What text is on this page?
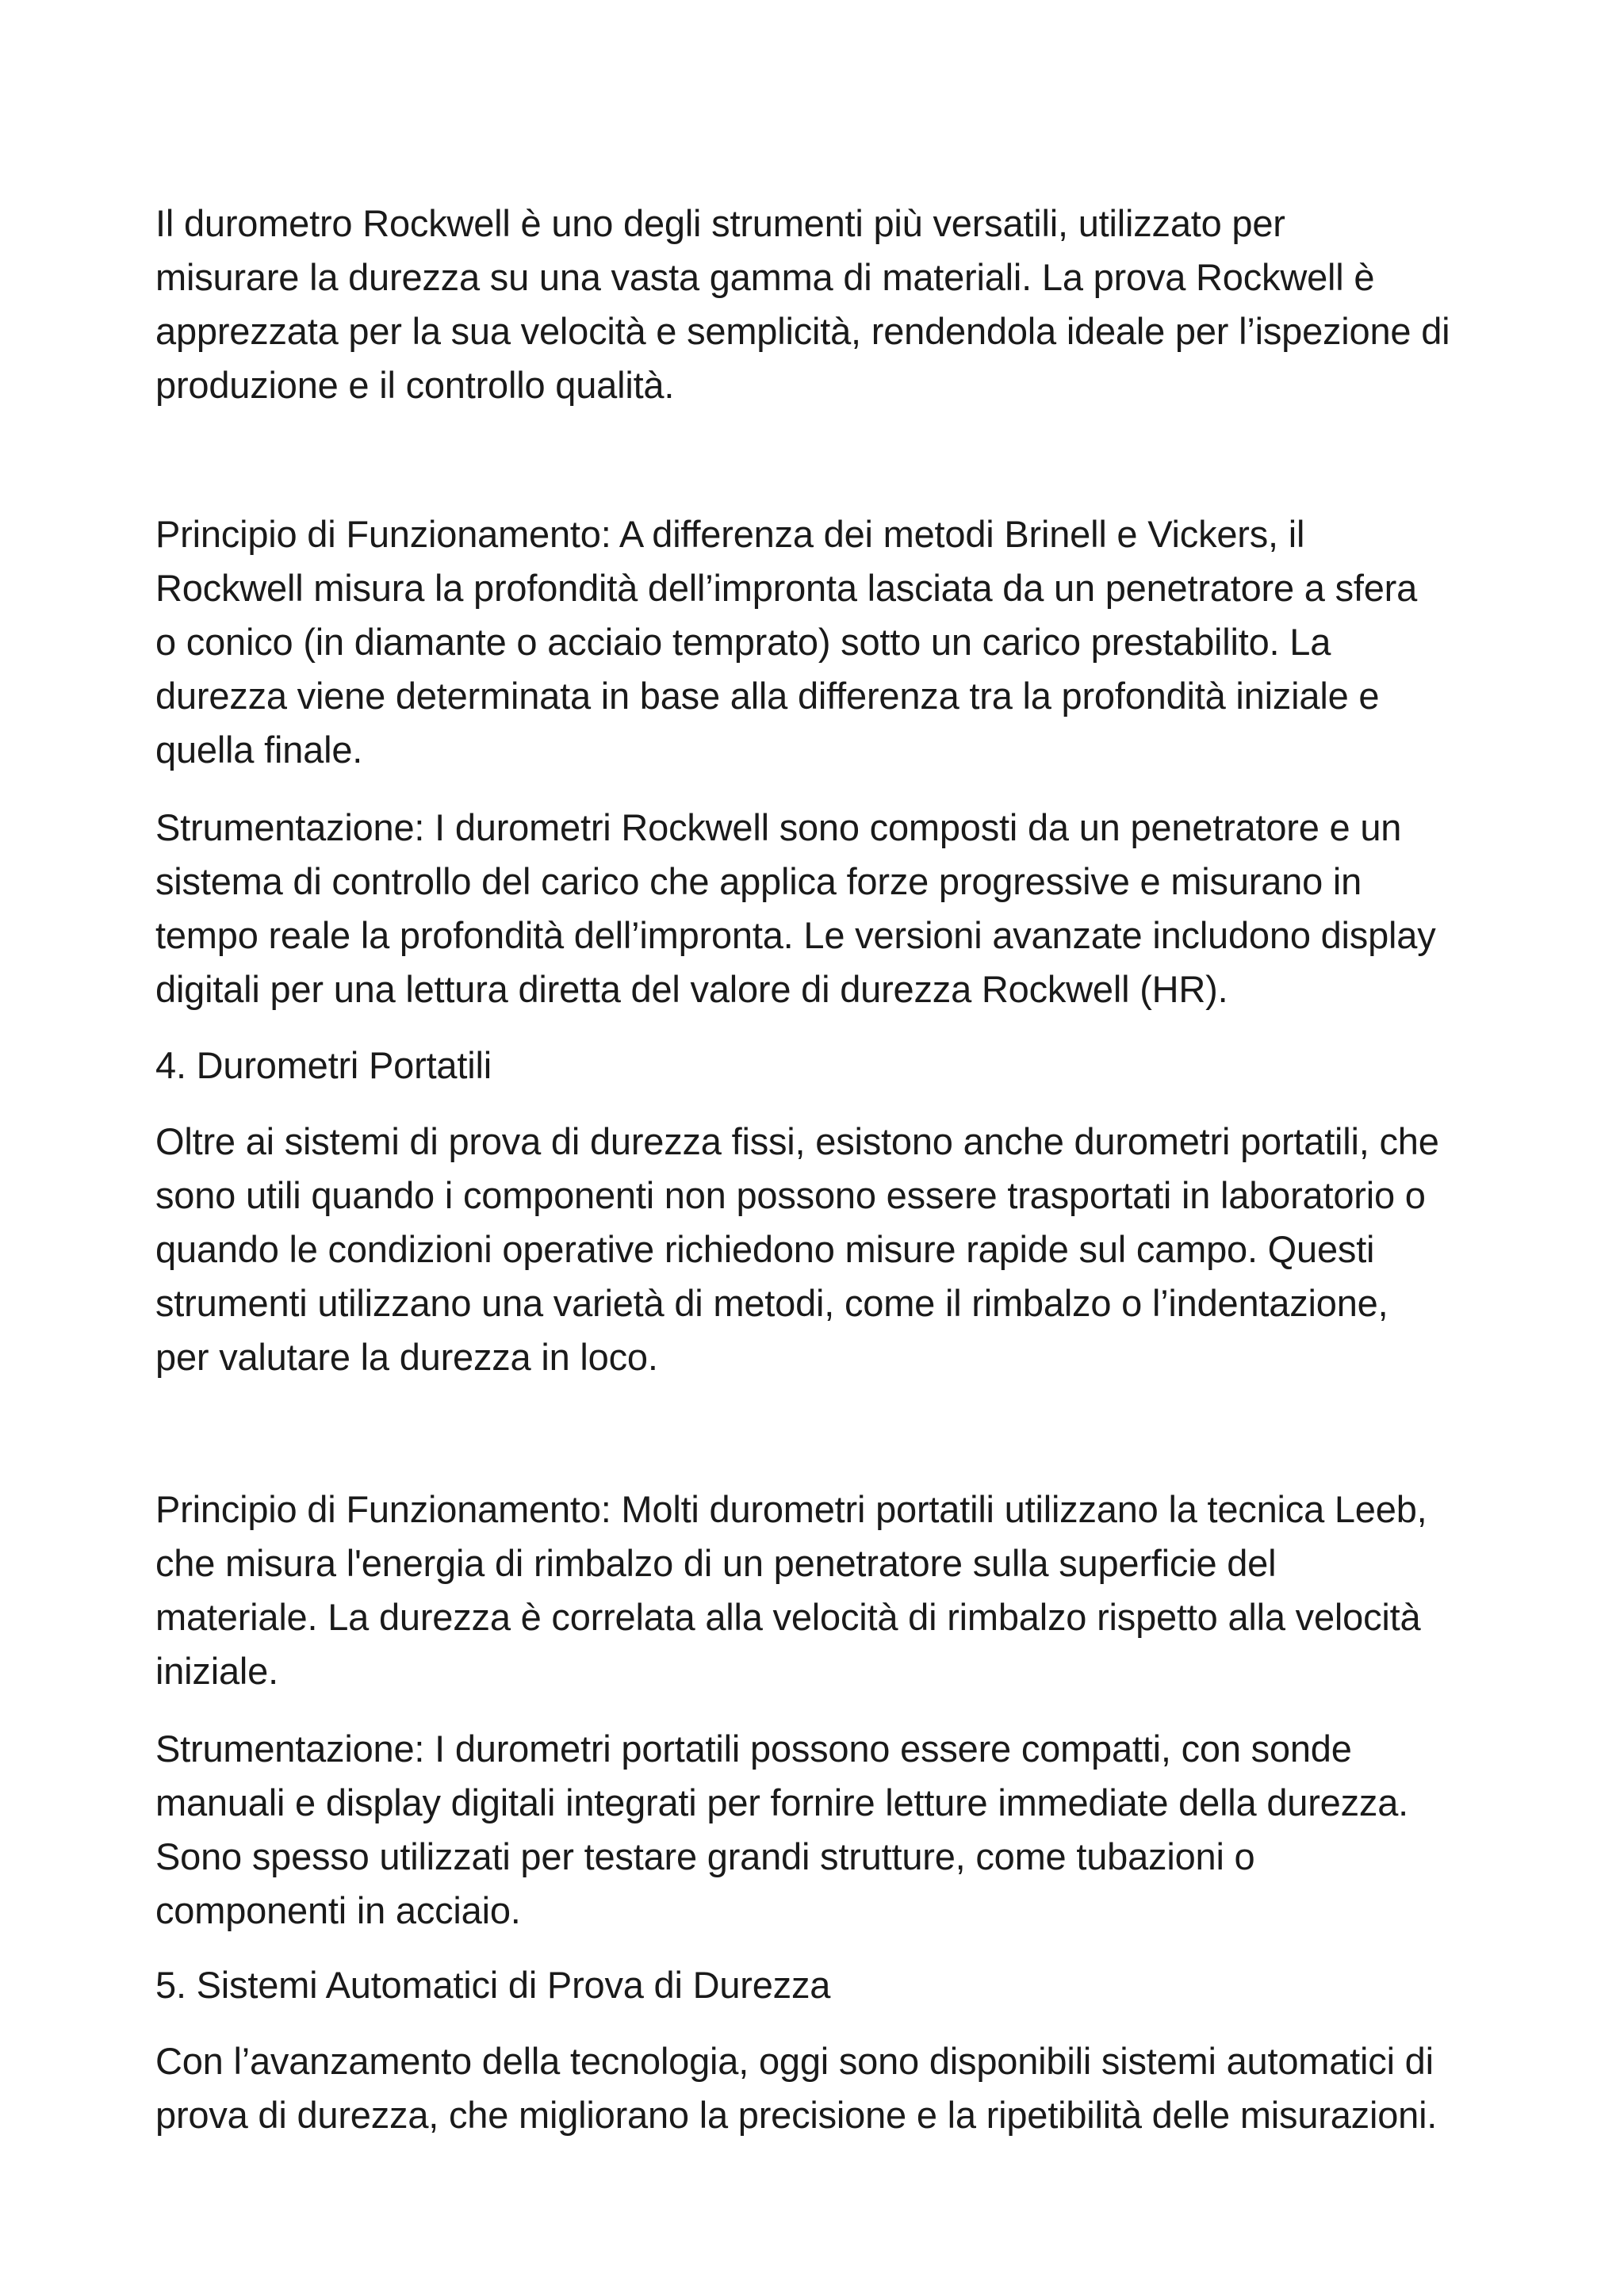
Il durometro Rockwell è uno degli strumenti più versatili, utilizzato per
misurare la durezza su una vasta gamma di materiali. La prova Rockwell è
apprezzata per la sua velocità e semplicità, rendendola ideale per l’ispezione di
produzione e il controllo qualità.

Principio di Funzionamento: A differenza dei metodi Brinell e Vickers, il
Rockwell misura la profondità dell’impronta lasciata da un penetratore a sfera
o conico (in diamante o acciaio temprato) sotto un carico prestabilito. La
durezza viene determinata in base alla differenza tra la profondità iniziale e
quella finale.

Strumentazione: I durometri Rockwell sono composti da un penetratore e un
sistema di controllo del carico che applica forze progressive e misurano in
tempo reale la profondità dell’impronta. Le versioni avanzate includono display
digitali per una lettura diretta del valore di durezza Rockwell (HR).

4. Durometri Portatili

Oltre ai sistemi di prova di durezza fissi, esistono anche durometri portatili, che
sono utili quando i componenti non possono essere trasportati in laboratorio o
quando le condizioni operative richiedono misure rapide sul campo. Questi
strumenti utilizzano una varietà di metodi, come il rimbalzo o l’indentazione,
per valutare la durezza in loco.

Principio di Funzionamento: Molti durometri portatili utilizzano la tecnica Leeb,
che misura l'energia di rimbalzo di un penetratore sulla superficie del
materiale. La durezza è correlata alla velocità di rimbalzo rispetto alla velocità
iniziale.

Strumentazione: I durometri portatili possono essere compatti, con sonde
manuali e display digitali integrati per fornire letture immediate della durezza.
Sono spesso utilizzati per testare grandi strutture, come tubazioni o
componenti in acciaio.

5. Sistemi Automatici di Prova di Durezza

Con l’avanzamento della tecnologia, oggi sono disponibili sistemi automatici di
prova di durezza, che migliorano la precisione e la ripetibilità delle misurazioni.
